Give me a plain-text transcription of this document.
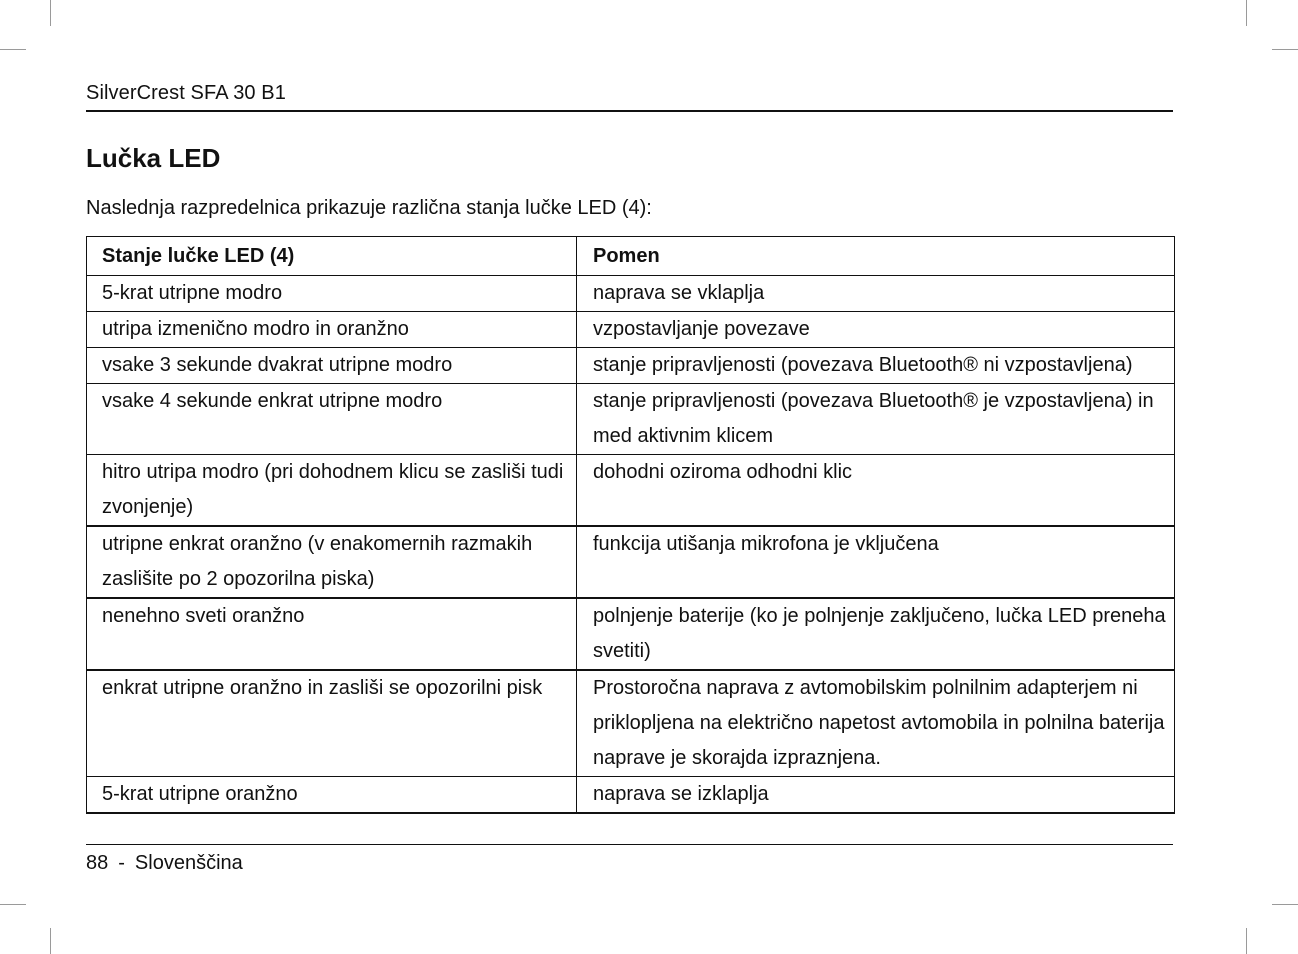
SilverCrest SFA 30 B1
Lučka LED
Naslednja razpredelnica prikazuje različna stanja lučke LED (4):
Stanje lučke LED (4)	Pomen
5-krat utripne modro	naprava se vklaplja
utripa izmenično modro in oranžno	vzpostavljanje povezave
vsake 3 sekunde dvakrat utripne modro	stanje pripravljenosti (povezava Bluetooth® ni vzpostavljena)
vsake 4 sekunde enkrat utripne modro	stanje pripravljenosti (povezava Bluetooth® je vzpostavljena) in med aktivnim klicem
hitro utripa modro (pri dohodnem klicu se zasliši tudi zvonjenje)	dohodni oziroma odhodni klic
utripne enkrat oranžno (v enakomernih razmakih zaslišite po 2 opozorilna piska)	funkcija utišanja mikrofona je vključena
nenehno sveti oranžno	polnjenje baterije (ko je polnjenje zaključeno, lučka LED preneha svetiti)
enkrat utripne oranžno in zasliši se opozorilni pisk	Prostoročna naprava z avtomobilskim polnilnim adapterjem ni priklopljena na električno napetost avtomobila in polnilna baterija naprave je skorajda izpraznjena.
5-krat utripne oranžno	naprava se izklaplja
88 - Slovenščina
